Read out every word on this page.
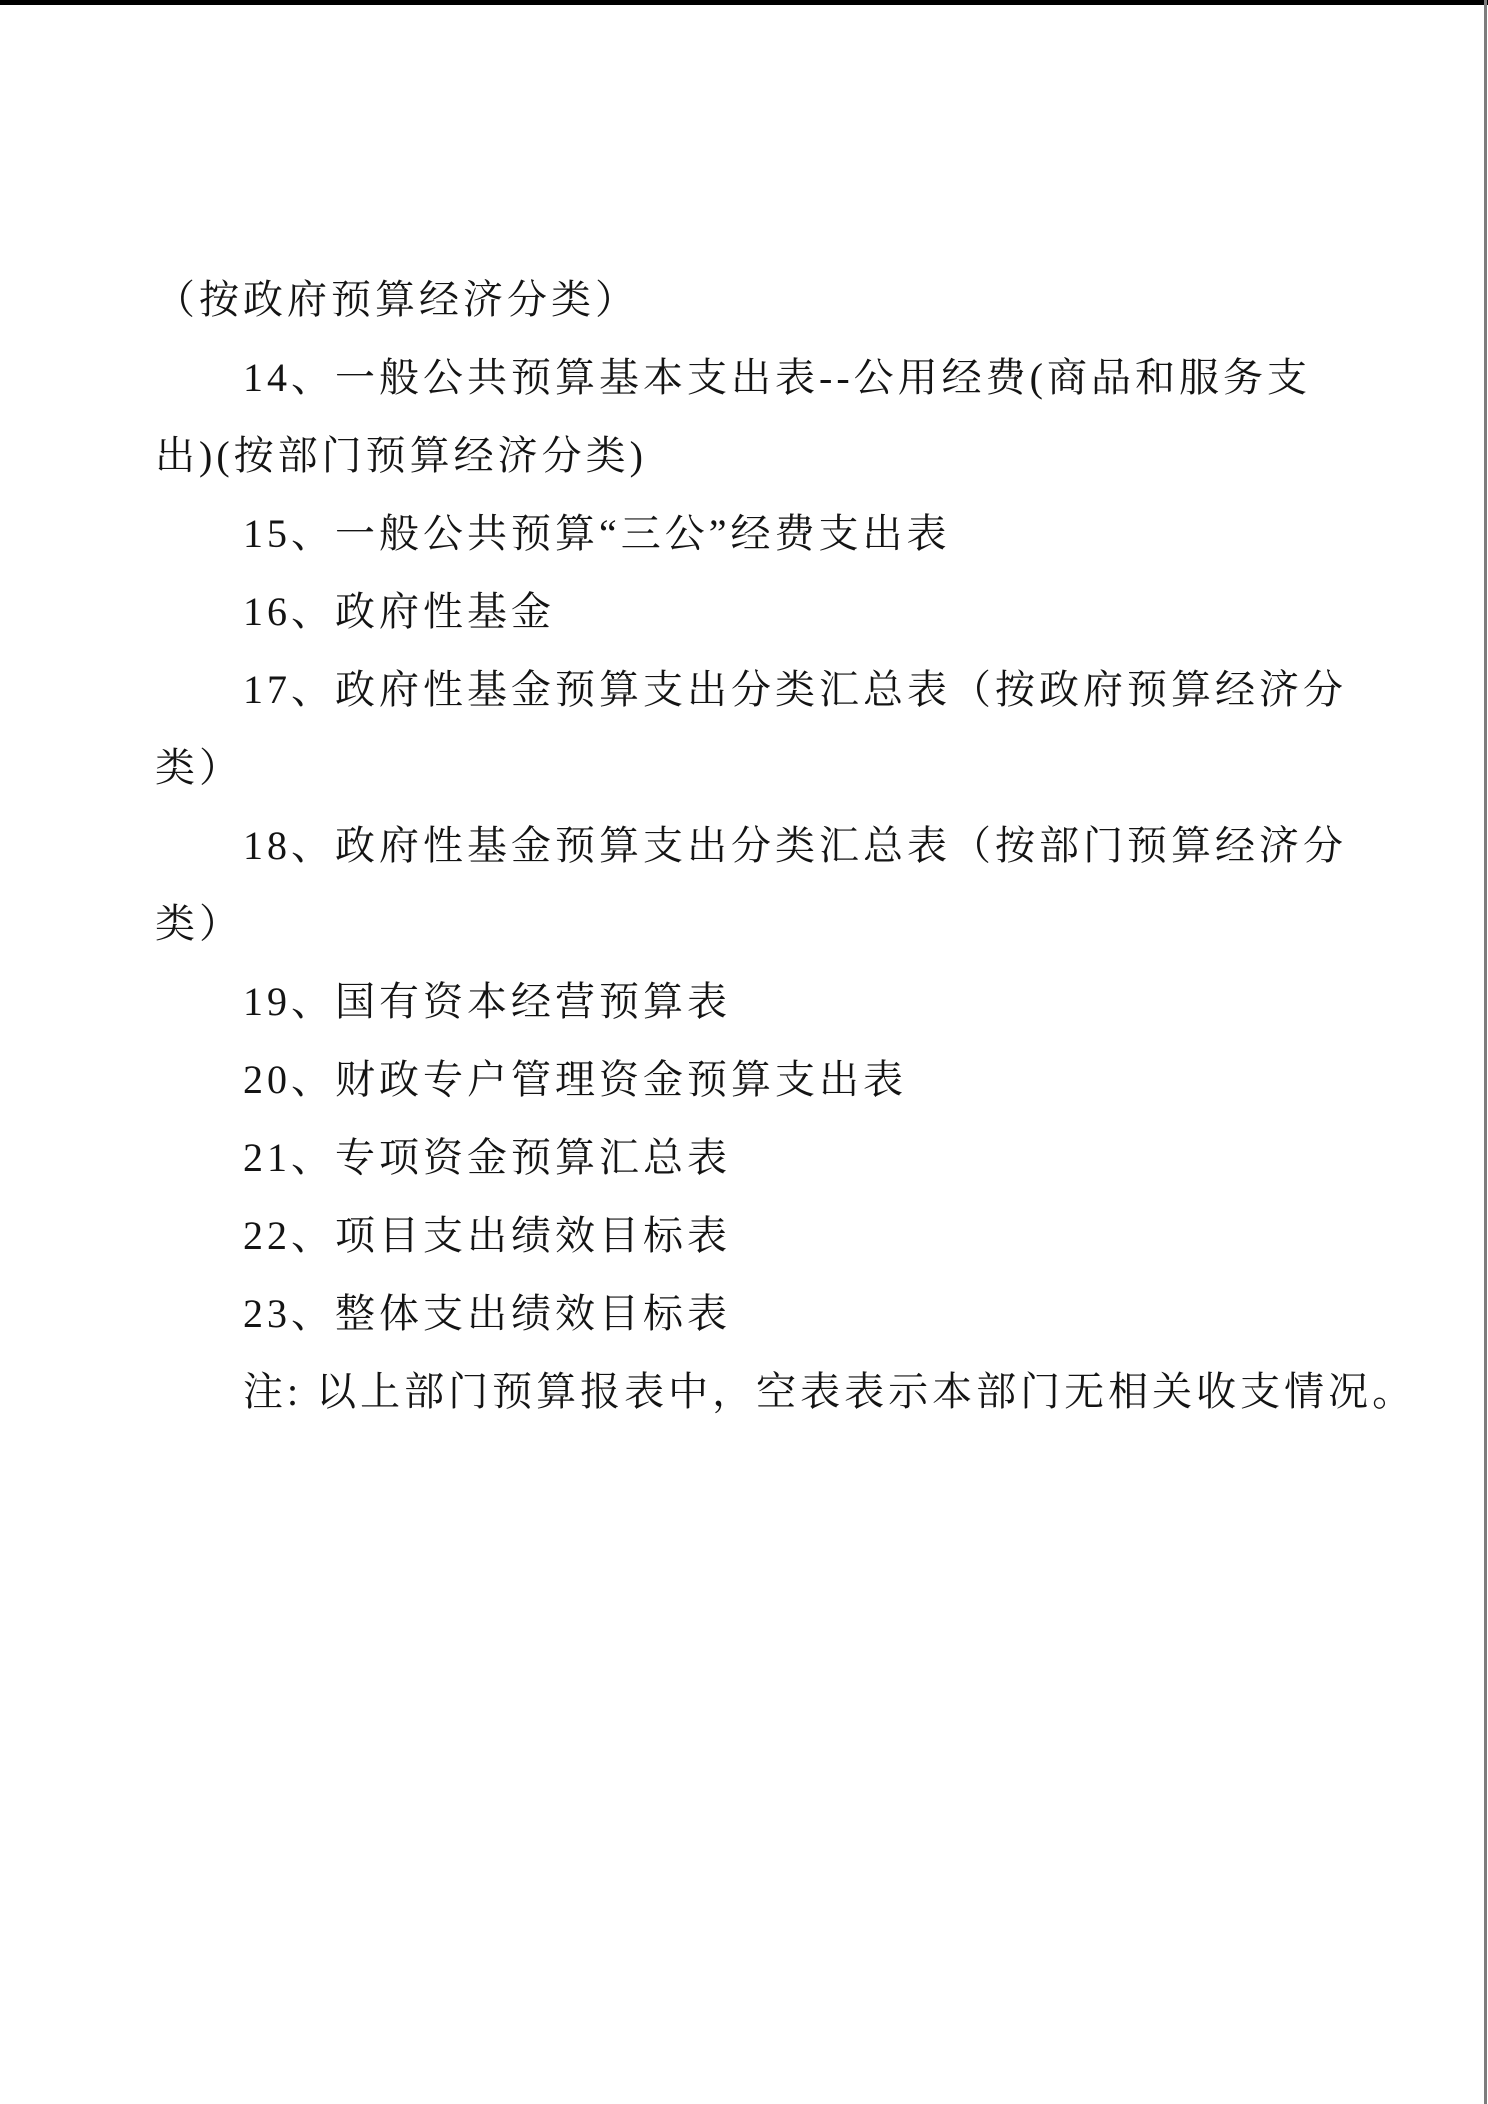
（按政府预算经济分类）

14、一般公共预算基本支出表--公用经费(商品和服务支

出)(按部门预算经济分类)

15、一般公共预算“三公”经费支出表

16、政府性基金

17、政府性基金预算支出分类汇总表（按政府预算经济分

类）

18、政府性基金预算支出分类汇总表（按部门预算经济分

类）

19、国有资本经营预算表

20、财政专户管理资金预算支出表

21、专项资金预算汇总表

22、项目支出绩效目标表

23、整体支出绩效目标表

注: 以上部门预算报表中，空表表示本部门无相关收支情况。
